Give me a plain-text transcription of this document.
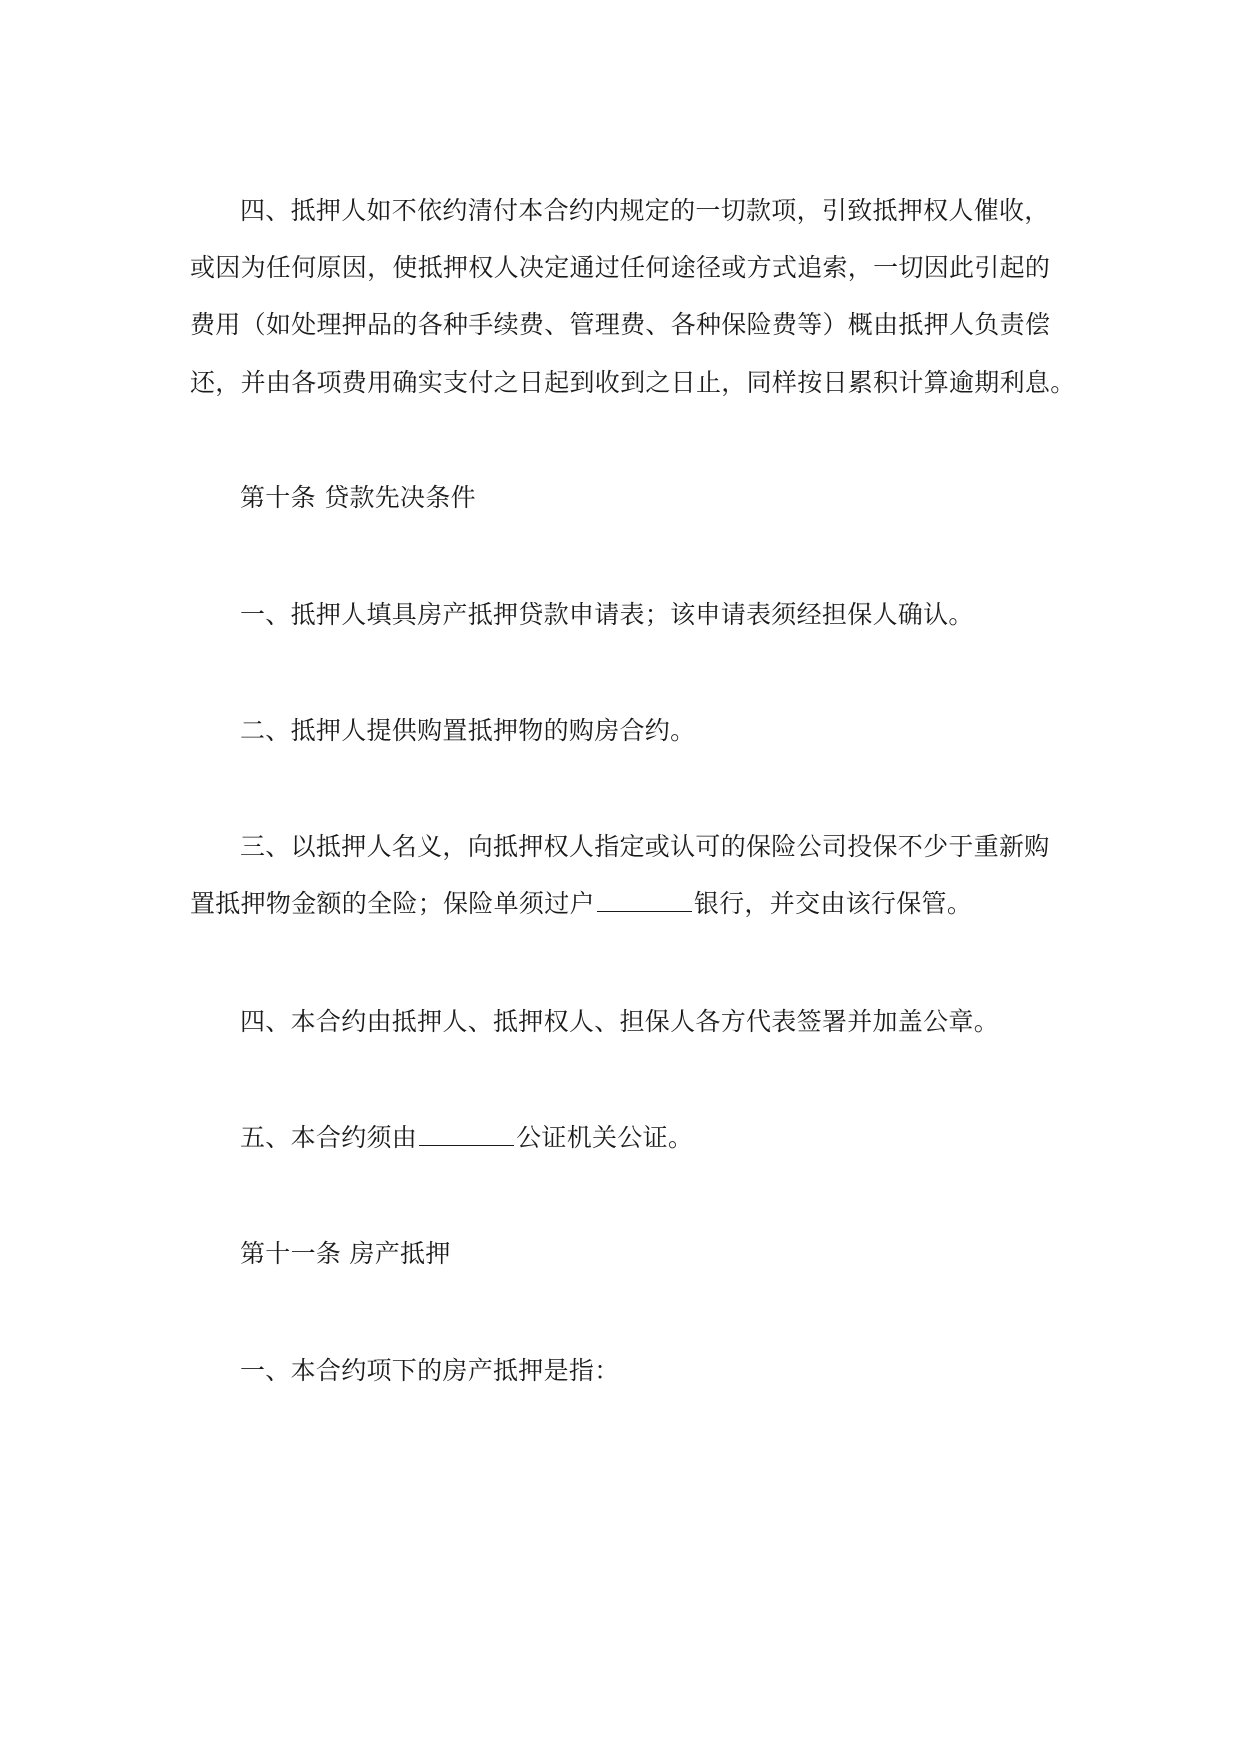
四、抵押人如不依约清付本合约内规定的一切款项，引致抵押权人催收，
或因为任何原因，使抵押权人决定通过任何途径或方式追索，一切因此引起的
费用（如处理押品的各种手续费、管理费、各种保险费等）概由抵押人负责偿
还，并由各项费用确实支付之日起到收到之日止，同样按日累积计算逾期利息。
第十条 贷款先决条件
一、抵押人填具房产抵押贷款申请表；该申请表须经担保人确认。
二、抵押人提供购置抵押物的购房合约。
三、以抵押人名义，向抵押权人指定或认可的保险公司投保不少于重新购
置抵押物金额的全险；保险单须过户	银行，并交由该行保管。
四、本合约由抵押人、抵押权人、担保人各方代表签署并加盖公章。
五、本合约须由	公证机关公证。
第十一条 房产抵押
一、本合约项下的房产抵押是指：
